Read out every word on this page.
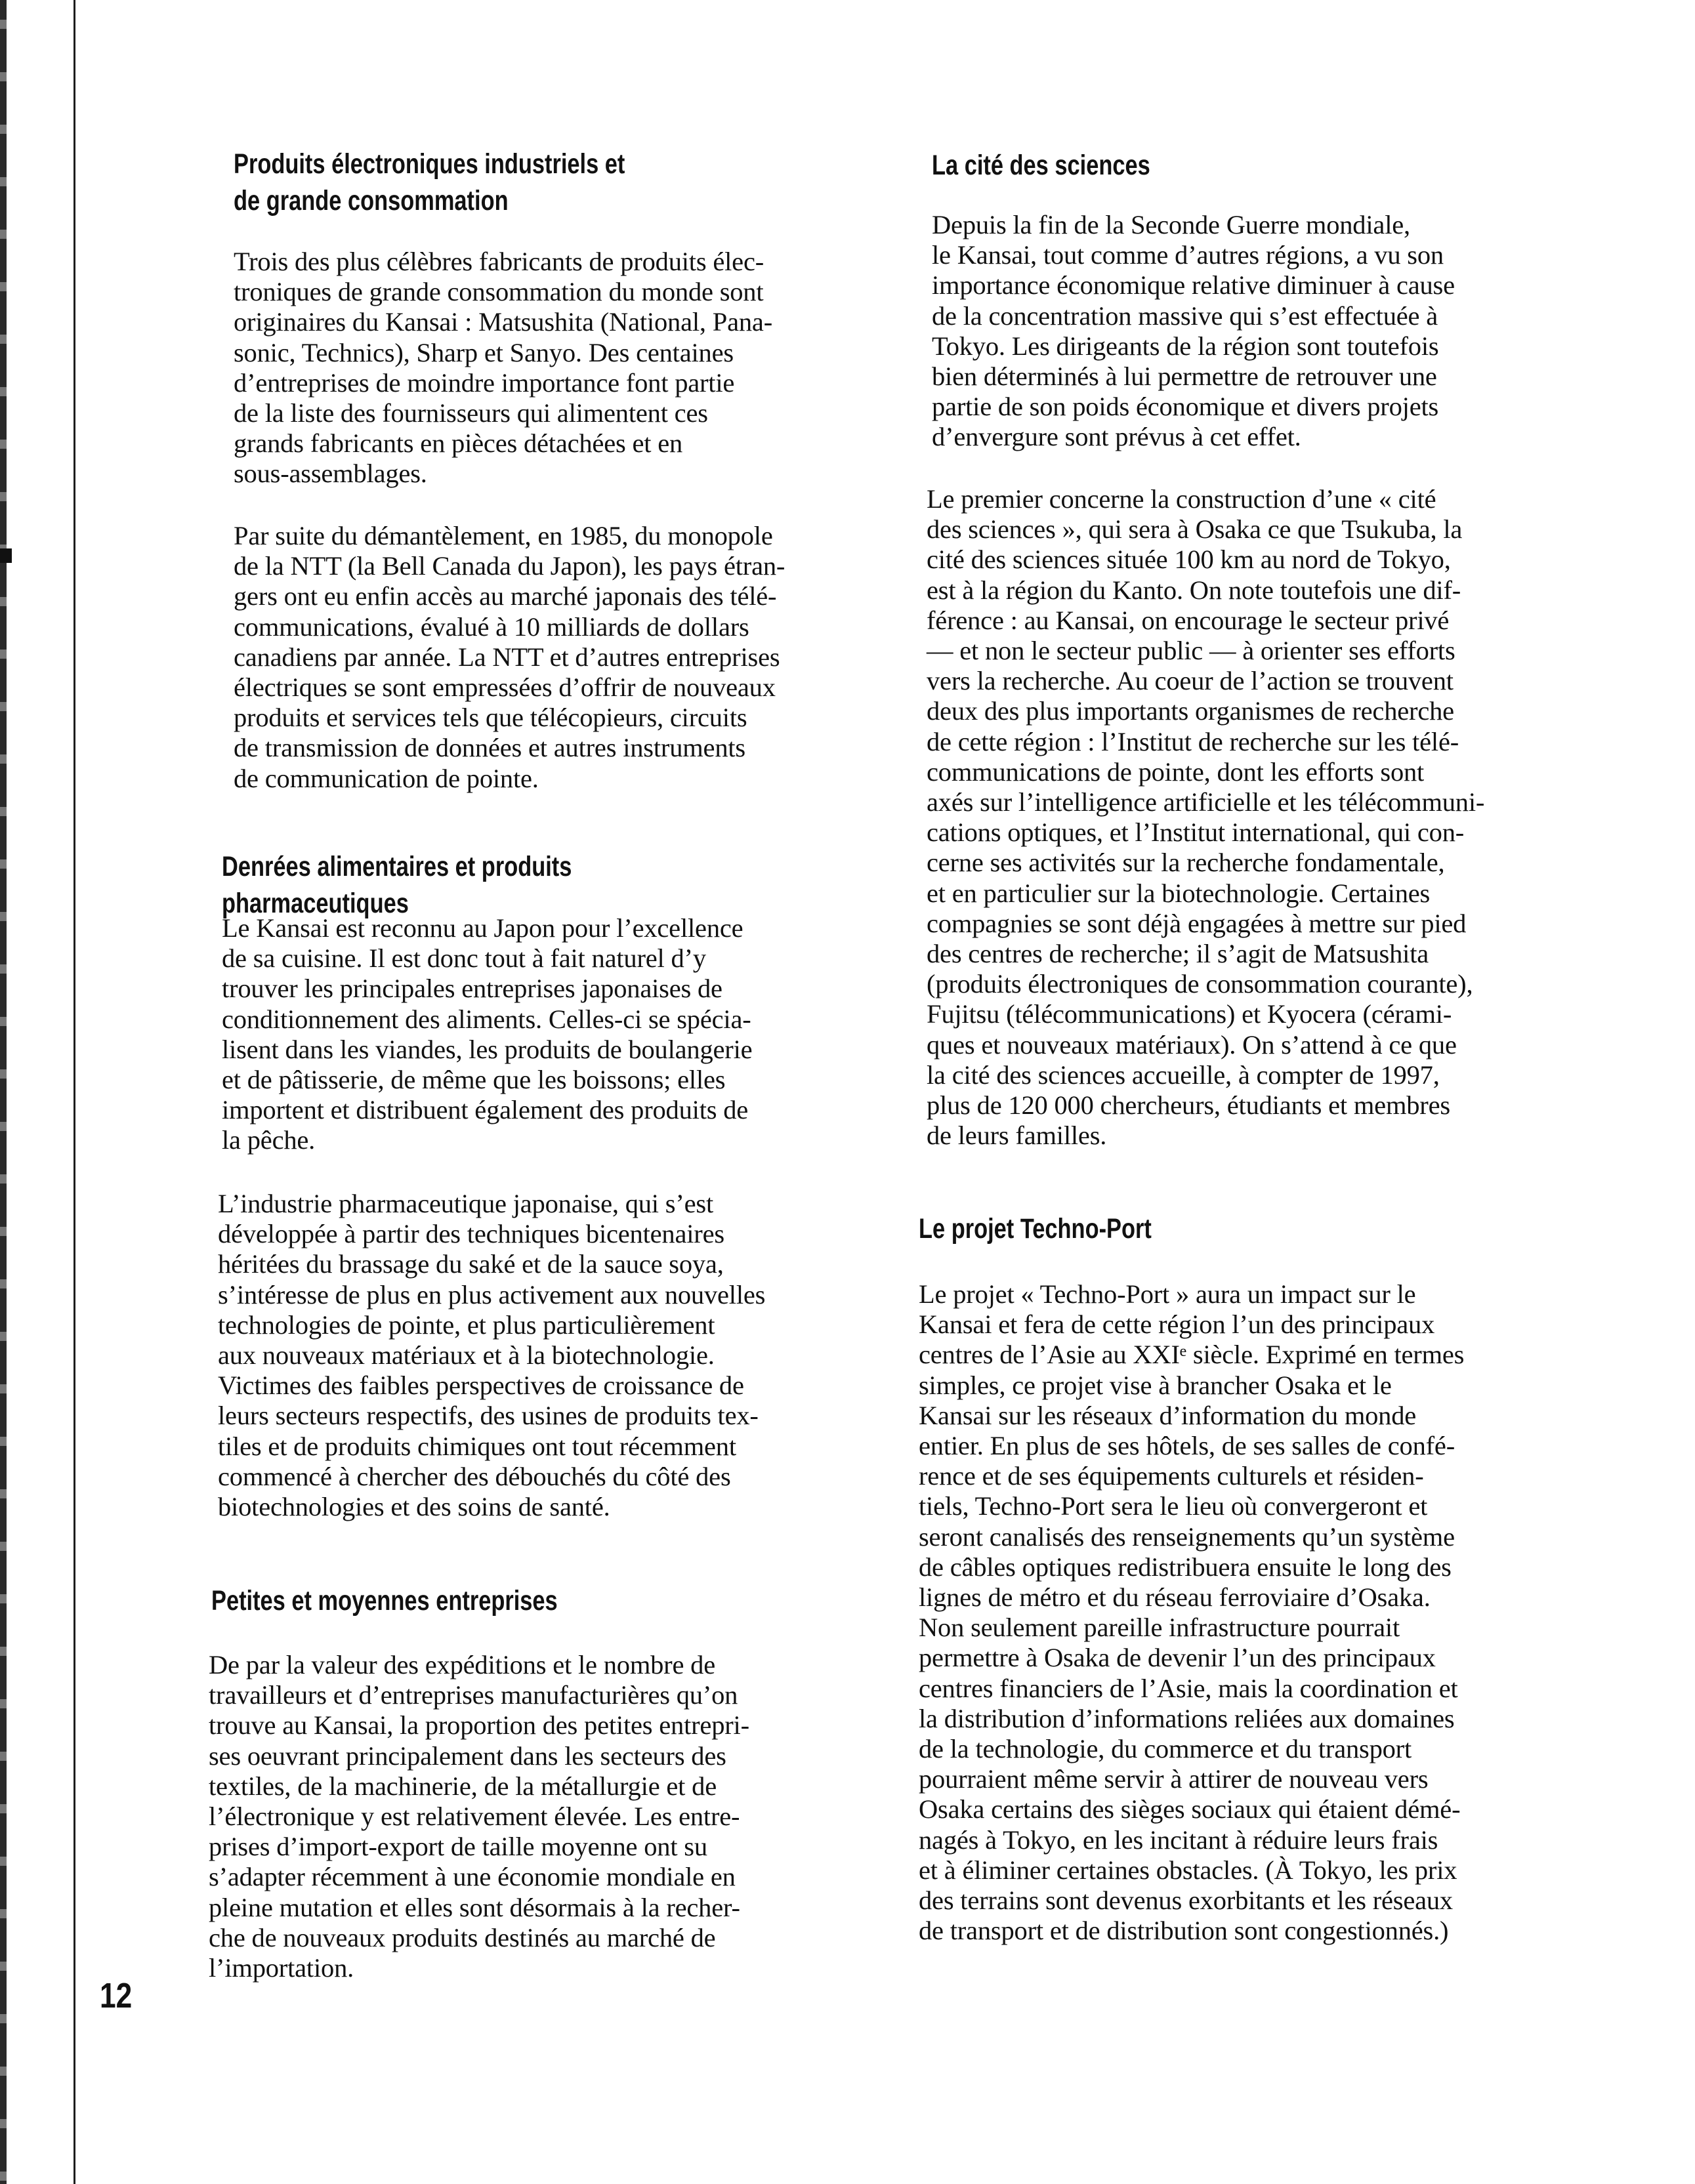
Produits électroniques industriels et
de grande consommation

Trois des plus célèbres fabricants de produits élec-
troniques de grande consommation du monde sont
originaires du Kansai : Matsushita (National, Pana-
sonic, Technics), Sharp et Sanyo. Des centaines
d’entreprises de moindre importance font partie
de la liste des fournisseurs qui alimentent ces
grands fabricants en pièces détachées et en
sous-assemblages.

Par suite du démantèlement, en 1985, du monopole
de la NTT (la Bell Canada du Japon), les pays étran-
gers ont eu enfin accès au marché japonais des télé-
communications, évalué à 10 milliards de dollars
canadiens par année. La NTT et d’autres entreprises
électriques se sont empressées d’offrir de nouveaux
produits et services tels que télécopieurs, circuits
de transmission de données et autres instruments
de communication de pointe.

Denrées alimentaires et produits pharmaceutiques

Le Kansai est reconnu au Japon pour l’excellence
de sa cuisine. Il est donc tout à fait naturel d’y
trouver les principales entreprises japonaises de
conditionnement des aliments. Celles-ci se spécia-
lisent dans les viandes, les produits de boulangerie
et de pâtisserie, de même que les boissons; elles
importent et distribuent également des produits de
la pêche.

L’industrie pharmaceutique japonaise, qui s’est
développée à partir des techniques bicentenaires
héritées du brassage du saké et de la sauce soya,
s’intéresse de plus en plus activement aux nouvelles
technologies de pointe, et plus particulièrement
aux nouveaux matériaux et à la biotechnologie.
Victimes des faibles perspectives de croissance de
leurs secteurs respectifs, des usines de produits tex-
tiles et de produits chimiques ont tout récemment
commencé à chercher des débouchés du côté des
biotechnologies et des soins de santé.

Petites et moyennes entreprises

De par la valeur des expéditions et le nombre de
travailleurs et d’entreprises manufacturières qu’on
trouve au Kansai, la proportion des petites entrepri-
ses oeuvrant principalement dans les secteurs des
textiles, de la machinerie, de la métallurgie et de
l’électronique y est relativement élevée. Les entre-
prises d’import-export de taille moyenne ont su
s’adapter récemment à une économie mondiale en
pleine mutation et elles sont désormais à la recher-
che de nouveaux produits destinés au marché de
l’importation.

La cité des sciences

Depuis la fin de la Seconde Guerre mondiale,
le Kansai, tout comme d’autres régions, a vu son
importance économique relative diminuer à cause
de la concentration massive qui s’est effectuée à
Tokyo. Les dirigeants de la région sont toutefois
bien déterminés à lui permettre de retrouver une
partie de son poids économique et divers projets
d’envergure sont prévus à cet effet.

Le premier concerne la construction d’une « cité
des sciences », qui sera à Osaka ce que Tsukuba, la
cité des sciences située 100 km au nord de Tokyo,
est à la région du Kanto. On note toutefois une dif-
férence : au Kansai, on encourage le secteur privé
— et non le secteur public — à orienter ses efforts
vers la recherche. Au coeur de l’action se trouvent
deux des plus importants organismes de recherche
de cette région : l’Institut de recherche sur les télé-
communications de pointe, dont les efforts sont
axés sur l’intelligence artificielle et les télécommuni-
cations optiques, et l’Institut international, qui con-
cerne ses activités sur la recherche fondamentale,
et en particulier sur la biotechnologie. Certaines
compagnies se sont déjà engagées à mettre sur pied
des centres de recherche; il s’agit de Matsushita
(produits électroniques de consommation courante),
Fujitsu (télécommunications) et Kyocera (cérami-
ques et nouveaux matériaux). On s’attend à ce que
la cité des sciences accueille, à compter de 1997,
plus de 120 000 chercheurs, étudiants et membres
de leurs familles.

Le projet Techno-Port

Le projet « Techno-Port » aura un impact sur le
Kansai et fera de cette région l’un des principaux
centres de l’Asie au XXIᵉ siècle. Exprimé en termes
simples, ce projet vise à brancher Osaka et le
Kansai sur les réseaux d’information du monde
entier. En plus de ses hôtels, de ses salles de confé-
rence et de ses équipements culturels et résiden-
tiels, Techno-Port sera le lieu où convergeront et
seront canalisés des renseignements qu’un système
de câbles optiques redistribuera ensuite le long des
lignes de métro et du réseau ferroviaire d’Osaka.
Non seulement pareille infrastructure pourrait
permettre à Osaka de devenir l’un des principaux
centres financiers de l’Asie, mais la coordination et
la distribution d’informations reliées aux domaines
de la technologie, du commerce et du transport
pourraient même servir à attirer de nouveau vers
Osaka certains des sièges sociaux qui étaient démé-
nagés à Tokyo, en les incitant à réduire leurs frais
et à éliminer certaines obstacles. (À Tokyo, les prix
des terrains sont devenus exorbitants et les réseaux
de transport et de distribution sont congestionnés.)

12
